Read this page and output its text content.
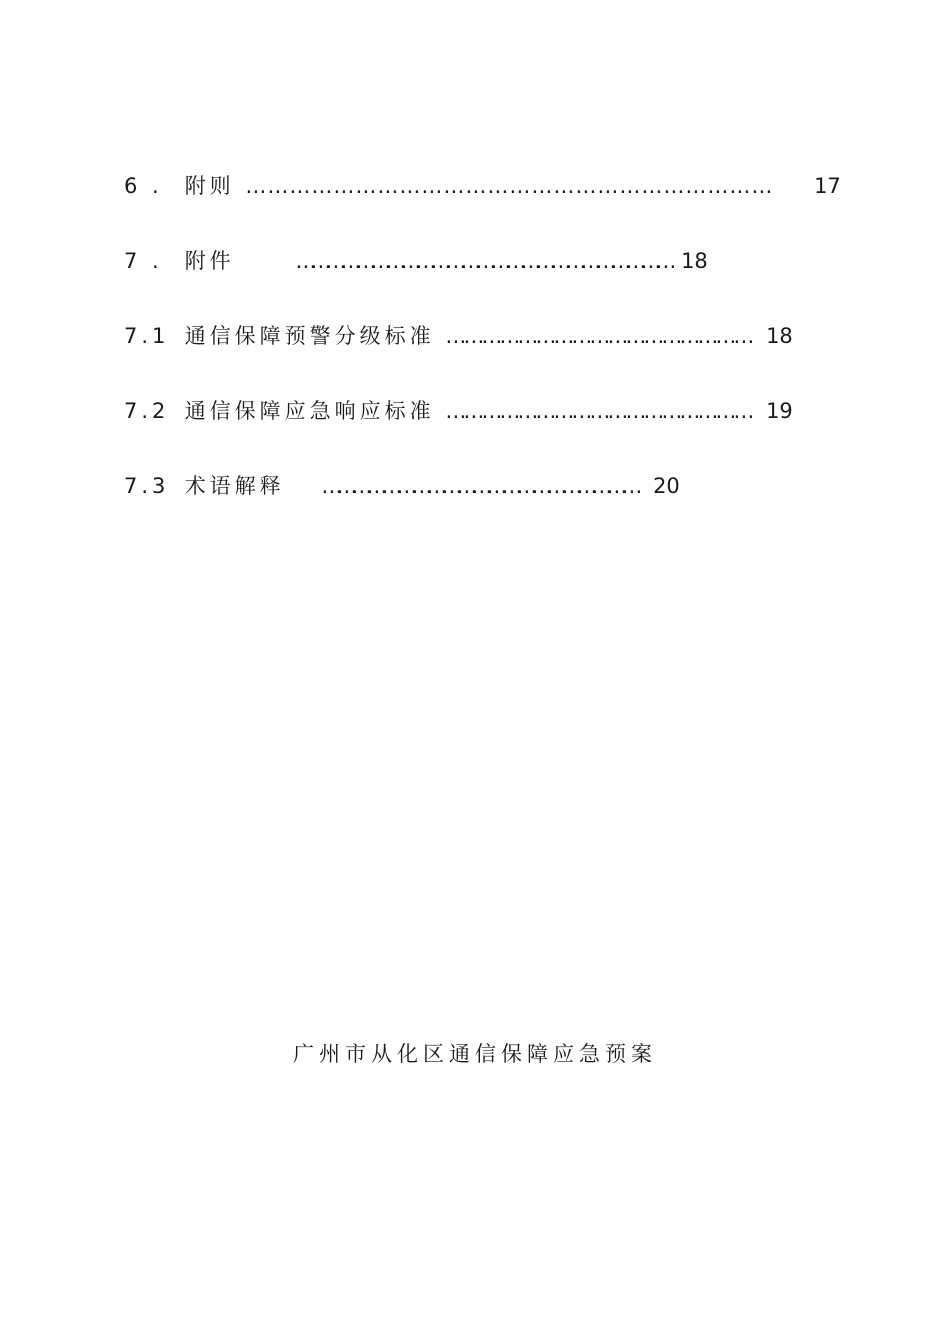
6 . 附则 ……………………………………………………………… 17
7 . 附件	………………………………………………………………… 18
7.1 通信保障预警分级标准 …………………………………………… 18
7.2 通信保障应急响应标准 …………………………………………… 19
7.3 术语解释 ……………………………………………………… 20
广州市从化区通信保障应急预案
